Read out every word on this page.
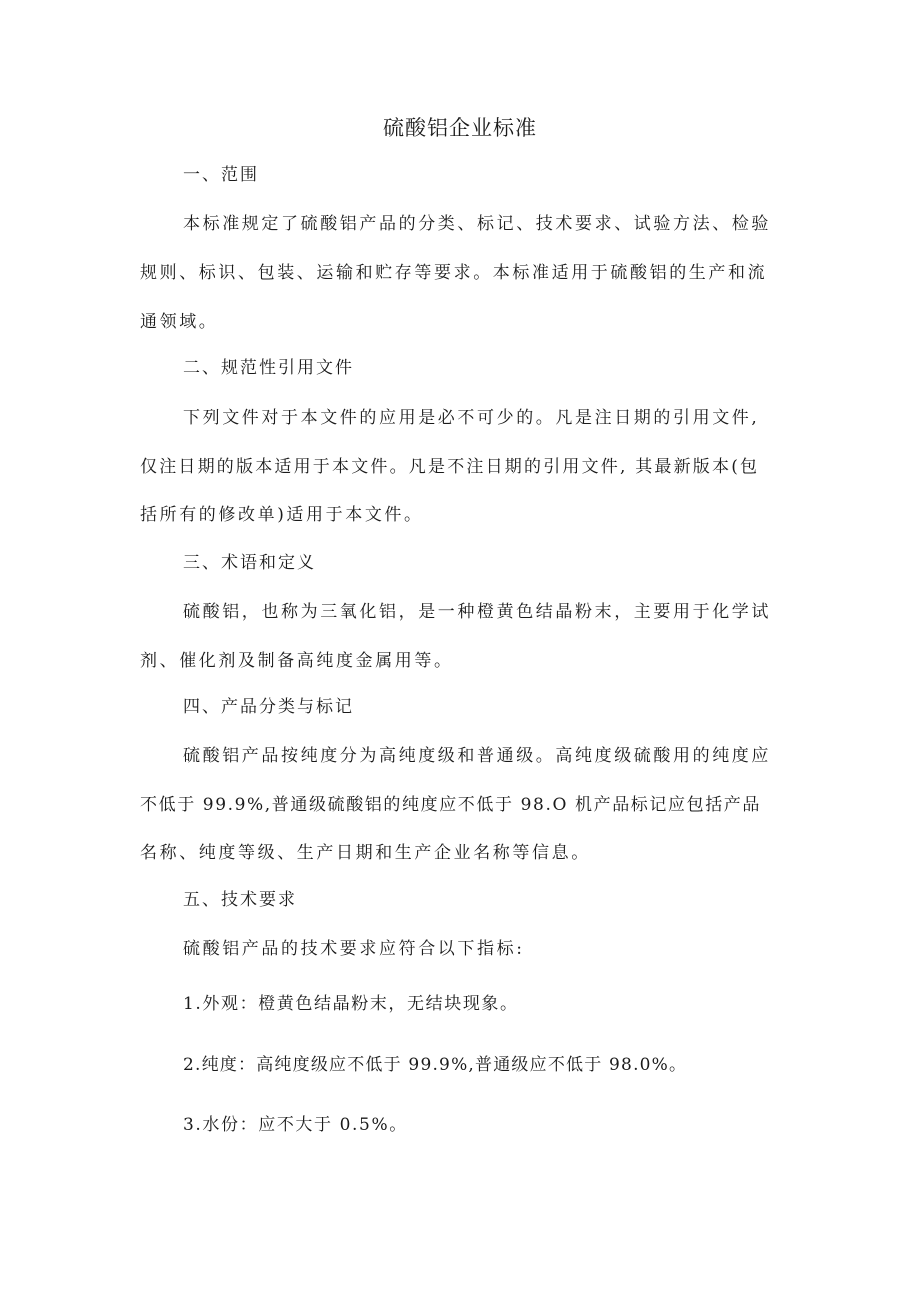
硫酸铝企业标准
一、范围
本标准规定了硫酸铝产品的分类、标记、技术要求、试验方法、检验
规则、标识、包装、运输和贮存等要求。本标准适用于硫酸铝的生产和流
通领域。
二、规范性引用文件
下列文件对于本文件的应用是必不可少的。凡是注日期的引用文件,
仅注日期的版本适用于本文件。凡是不注日期的引用文件, 其最新版本(包
括所有的修改单)适用于本文件。
三、术语和定义
硫酸铝，也称为三氧化铝，是一种橙黄色结晶粉末，主要用于化学试
剂、催化剂及制备高纯度金属用等。
四、产品分类与标记
硫酸铝产品按纯度分为高纯度级和普通级。高纯度级硫酸用的纯度应
不低于 99.9%,普通级硫酸铝的纯度应不低于 98.O 机产品标记应包括产品
名称、纯度等级、生产日期和生产企业名称等信息。
五、技术要求
硫酸铝产品的技术要求应符合以下指标:
1.外观：橙黄色结晶粉末，无结块现象。
2.纯度：高纯度级应不低于 99.9%,普通级应不低于 98.0%。
3.水份：应不大于 0.5%。
